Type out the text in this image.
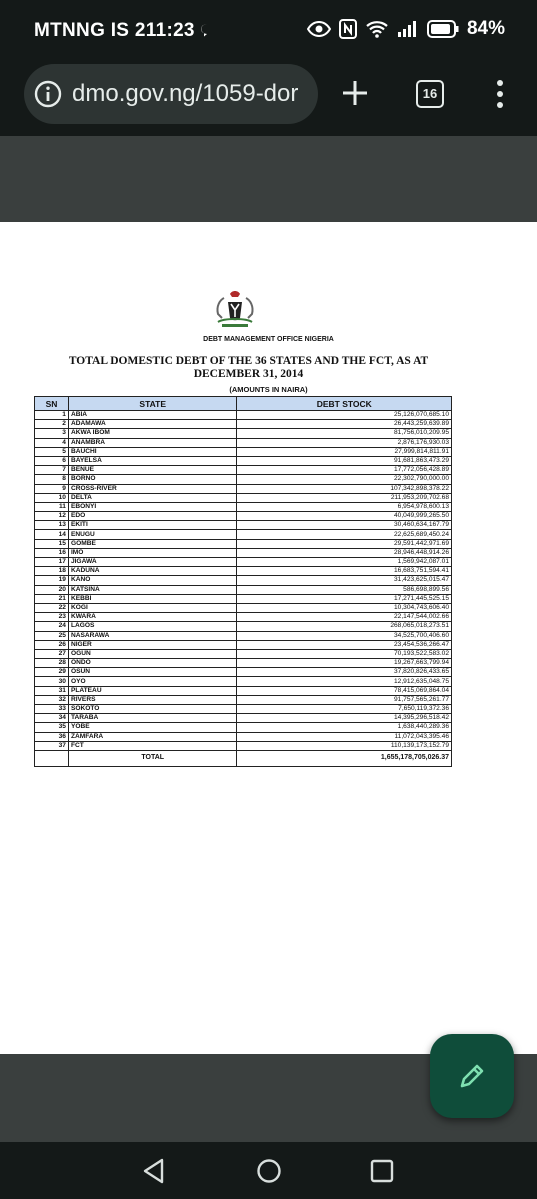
MTNNG IS 211:23	84%
dmo.gov.ng/1059-dor	16
DEBT MANAGEMENT OFFICE NIGERIA
TOTAL DOMESTIC DEBT OF THE 36 STATES AND THE FCT, AS AT DECEMBER 31, 2014
(AMOUNTS IN NAIRA)
SN	STATE	DEBT STOCK
1	ABIA	25,126,070,685.10
2	ADAMAWA	26,443,259,639.89
3	AKWA IBOM	81,756,010,209.95
4	ANAMBRA	2,876,176,930.03
5	BAUCHI	27,999,814,811.91
6	BAYELSA	91,681,863,473.29
7	BENUE	17,772,056,428.89
8	BORNO	22,302,790,000.00
9	CROSS-RIVER	107,342,898,378.22
10	DELTA	211,953,209,702.68
11	EBONYI	6,954,978,600.13
12	EDO	40,049,999,265.50
13	EKITI	30,460,634,167.79
14	ENUGU	22,625,689,450.24
15	GOMBE	29,591,442,971.69
16	IMO	28,946,448,914.26
17	JIGAWA	1,569,942,087.01
18	KADUNA	16,683,751,594.41
19	KANO	31,423,625,015.47
20	KATSINA	586,698,899.56
21	KEBBI	17,271,445,525.15
22	KOGI	10,304,743,606.40
23	KWARA	22,147,544,002.66
24	LAGOS	268,065,018,273.51
25	NASARAWA	34,525,700,406.60
26	NIGER	23,454,536,266.47
27	OGUN	70,193,522,583.02
28	ONDO	19,267,663,799.94
29	OSUN	37,820,826,433.65
30	OYO	12,912,635,048.75
31	PLATEAU	78,415,069,864.04
32	RIVERS	91,757,565,261.77
33	SOKOTO	7,650,119,372.36
34	TARABA	14,395,296,518.42
35	YOBE	1,638,440,289.36
36	ZAMFARA	11,072,043,395.46
37	FCT	110,139,173,152.79
	TOTAL	1,655,178,705,026.37
